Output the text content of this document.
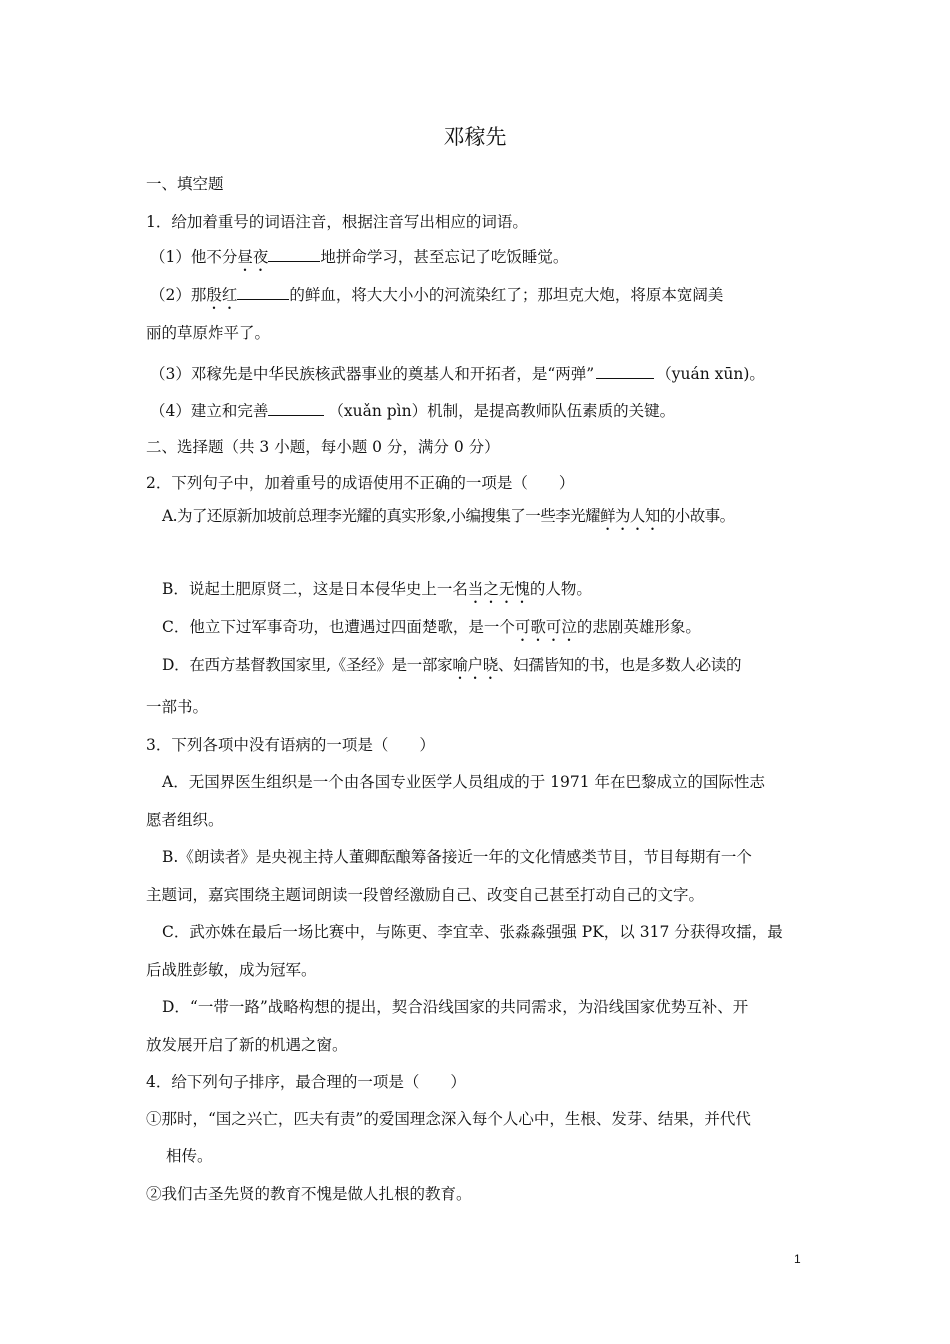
邓稼先
一、填空题
1．给加着重号的词语注音，根据注音写出相应的词语。
（1）他不分昼夜	地拼命学习，甚至忘记了吃饭睡觉。
（2）那殷红	的鲜血，将大大小小的河流染红了；那坦克大炮，将原本宽阔美
丽的草原炸平了。
（3）邓稼先是中华民族核武器事业的奠基人和开拓者，是“两弹”	（yuán xūn)。
（4）建立和完善	（xuǎn pìn）机制，是提高教师队伍素质的关键。
二、选择题（共 3 小题，每小题 0 分，满分 0 分）
2．下列句子中，加着重号的成语使用不正确的一项是（　　）
A.为了还原新加坡前总理李光耀的真实形象,小编搜集了一些李光耀鲜为人知的小故事。
B．说起土肥原贤二，这是日本侵华史上一名当之无愧的人物。
C．他立下过军事奇功，也遭遇过四面楚歌，是一个可歌可泣的悲剧英雄形象。
D．在西方基督教国家里,《圣经》是一部家喻户晓、妇孺皆知的书，也是多数人必读的
一部书。
3．下列各项中没有语病的一项是（　　）
A．无国界医生组织是一个由各国专业医学人员组成的于 1971 年在巴黎成立的国际性志
愿者组织。
B.《朗读者》是央视主持人董卿酝酿筹备接近一年的文化情感类节目，节目每期有一个
主题词，嘉宾围绕主题词朗读一段曾经激励自己、改变自己甚至打动自己的文字。
C．武亦姝在最后一场比赛中，与陈更、李宜幸、张淼淼强强 PK，以 317 分获得攻擂，最
后战胜彭敏，成为冠军。
D．“一带一路”战略构想的提出，契合沿线国家的共同需求，为沿线国家优势互补、开
放发展开启了新的机遇之窗。
4．给下列句子排序，最合理的一项是（　　）
①那时，“国之兴亡，匹夫有责”的爱国理念深入每个人心中，生根、发芽、结果，并代代
相传。
②我们古圣先贤的教育不愧是做人扎根的教育。
1
